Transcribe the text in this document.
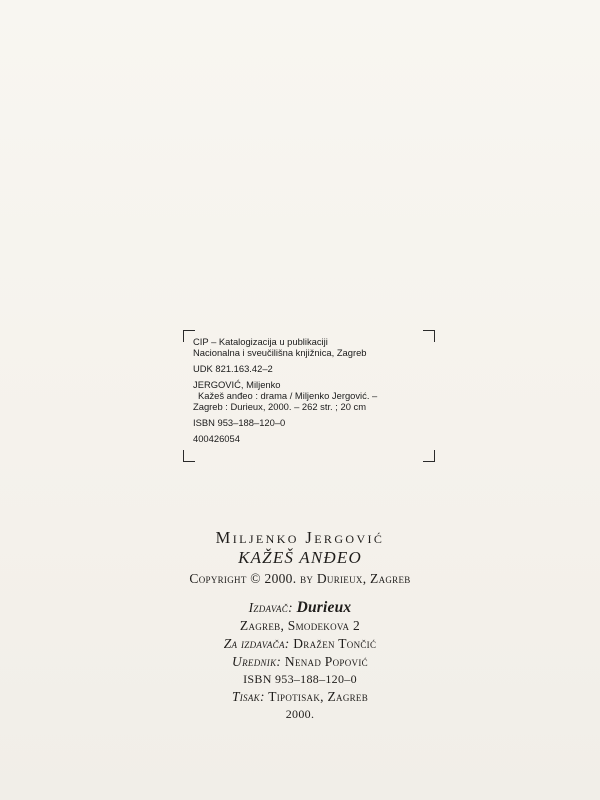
CIP – Katalogizacija u publikaciji
Nacionalna i sveučilišna knjižnica, Zagreb
UDK 821.163.42–2
JERGOVIĆ, Miljenko
Kažeš anđeo : drama / Miljenko Jergović. –
Zagreb : Durieux, 2000. – 262 str. ; 20 cm
ISBN 953–188–120–0
400426054
Miljenko Jergović
KAŽEŠ ANĐEO
Copyright © 2000. by Durieux, Zagreb
Izdavač: Durieux
Zagreb, Smodekova 2
Za izdavača: Dražen Tončić
Urednik: Nenad Popović
ISBN 953–188–120–0
Tisak: Tipotisak, Zagreb
2000.
